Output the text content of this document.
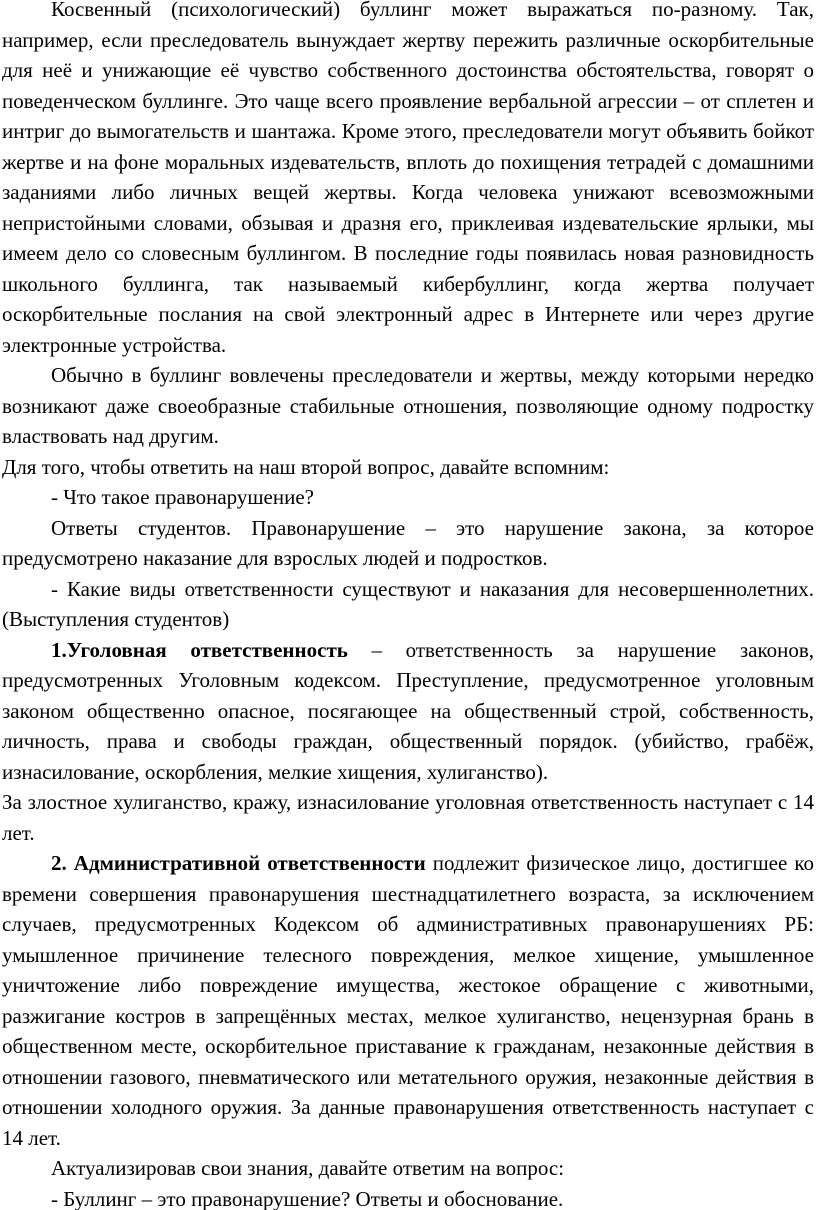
Косвенный (психологический) буллинг может выражаться по-разному. Так, например, если преследователь вынуждает жертву пережить различные оскорбительные для неё и унижающие её чувство собственного достоинства обстоятельства, говорят о поведенческом буллинге. Это чаще всего проявление вербальной агрессии – от сплетен и интриг до вымогательств и шантажа. Кроме этого, преследователи могут объявить бойкот жертве и на фоне моральных издевательств, вплоть до похищения тетрадей с домашними заданиями либо личных вещей жертвы. Когда человека унижают всевозможными непристойными словами, обзывая и дразня его, приклеивая издевательские ярлыки, мы имеем дело со словесным буллингом. В последние годы появилась новая разновидность школьного буллинга, так называемый кибербуллинг, когда жертва получает оскорбительные послания на свой электронный адрес в Интернете или через другие электронные устройства.

Обычно в буллинг вовлечены преследователи и жертвы, между которыми нередко возникают даже своеобразные стабильные отношения, позволяющие одному подростку властвовать над другим.

Для того, чтобы ответить на наш второй вопрос, давайте вспомним:

- Что такое правонарушение?

Ответы студентов. Правонарушение – это нарушение закона, за которое предусмотрено наказание для взрослых людей и подростков.

- Какие виды ответственности существуют и наказания для несовершеннолетних. (Выступления студентов)

1.Уголовная ответственность – ответственность за нарушение законов, предусмотренных Уголовным кодексом. Преступление, предусмотренное уголовным законом общественно опасное, посягающее на общественный строй, собственность, личность, права и свободы граждан, общественный порядок. (убийство, грабёж, изнасилование, оскорбления, мелкие хищения, хулиганство).

За злостное хулиганство, кражу, изнасилование уголовная ответственность наступает с 14 лет.

2. Административной ответственности подлежит физическое лицо, достигшее ко времени совершения правонарушения шестнадцатилетнего возраста, за исключением случаев, предусмотренных Кодексом об административных правонарушениях РБ: умышленное причинение телесного повреждения, мелкое хищение, умышленное уничтожение либо повреждение имущества, жестокое обращение с животными, разжигание костров в запрещённых местах, мелкое хулиганство, нецензурная брань в общественном месте, оскорбительное приставание к гражданам, незаконные действия в отношении газового, пневматического или метательного оружия, незаконные действия в отношении холодного оружия. За данные правонарушения ответственность наступает с 14 лет.

Актуализировав свои знания, давайте ответим на вопрос:

- Буллинг – это правонарушение? Ответы и обоснование.
